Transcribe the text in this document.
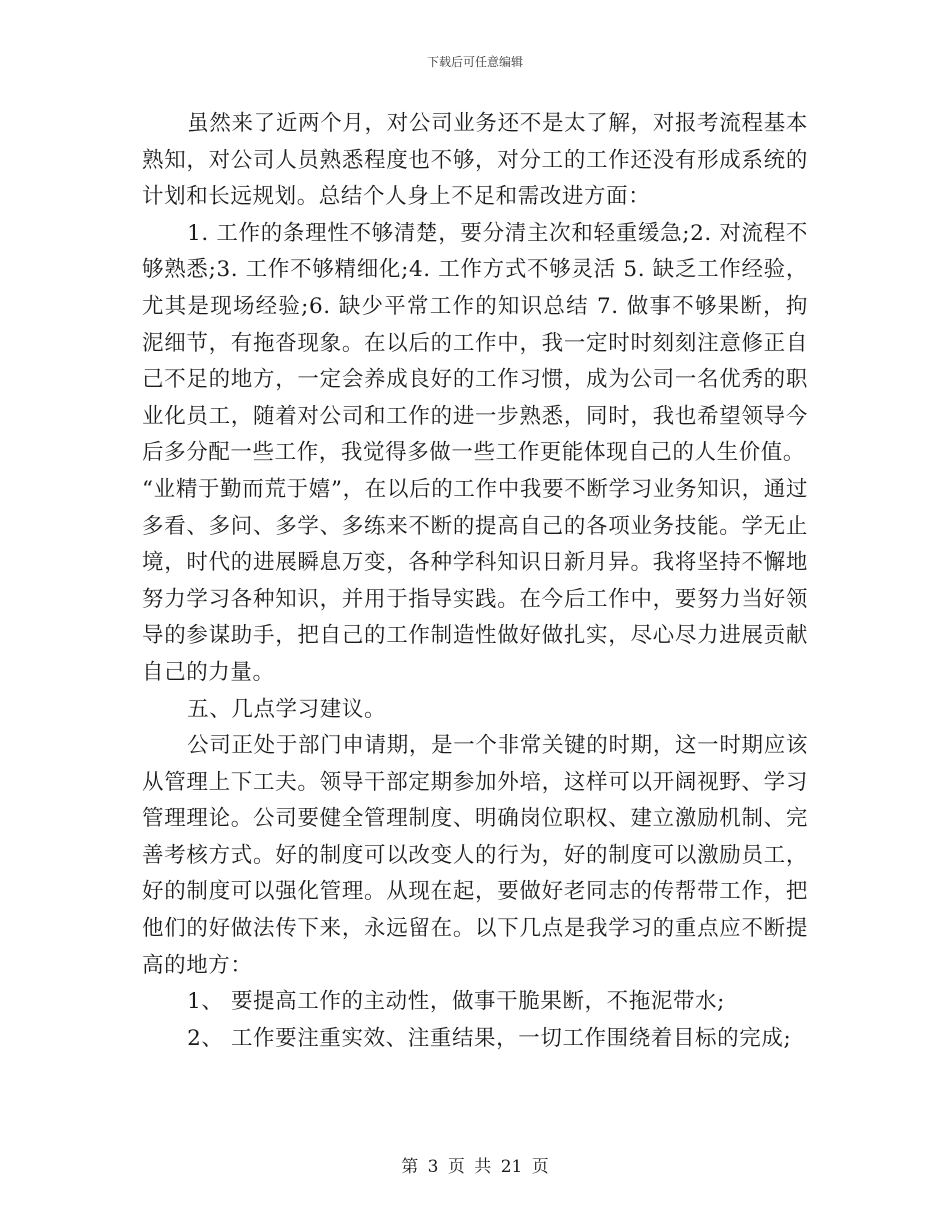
下载后可任意编辑

虽然来了近两个月，对公司业务还不是太了解，对报考流程基本熟知，对公司人员熟悉程度也不够，对分工的工作还没有形成系统的计划和长远规划。总结个人身上不足和需改进方面：

1. 工作的条理性不够清楚，要分清主次和轻重缓急;2. 对流程不够熟悉;3. 工作不够精细化;4. 工作方式不够灵活 5. 缺乏工作经验，尤其是现场经验;6. 缺少平常工作的知识总结 7. 做事不够果断，拘泥细节，有拖沓现象。在以后的工作中，我一定时时刻刻注意修正自己不足的地方，一定会养成良好的工作习惯，成为公司一名优秀的职业化员工，随着对公司和工作的进一步熟悉，同时，我也希望领导今后多分配一些工作，我觉得多做一些工作更能体现自己的人生价值。

“业精于勤而荒于嬉”，在以后的工作中我要不断学习业务知识，通过多看、多问、多学、多练来不断的提高自己的各项业务技能。学无止境，时代的进展瞬息万变，各种学科知识日新月异。我将坚持不懈地努力学习各种知识，并用于指导实践。在今后工作中，要努力当好领导的参谋助手，把自己的工作制造性做好做扎实，尽心尽力进展贡献自己的力量。

五、几点学习建议。

公司正处于部门申请期，是一个非常关键的时期，这一时期应该从管理上下工夫。领导干部定期参加外培，这样可以开阔视野、学习管理理论。公司要健全管理制度、明确岗位职权、建立激励机制、完善考核方式。好的制度可以改变人的行为，好的制度可以激励员工，好的制度可以强化管理。从现在起，要做好老同志的传帮带工作，把他们的好做法传下来，永远留在。以下几点是我学习的重点应不断提高的地方：

1、 要提高工作的主动性，做事干脆果断，不拖泥带水;

2、 工作要注重实效、注重结果，一切工作围绕着目标的完成;

第 3 页 共 21 页
